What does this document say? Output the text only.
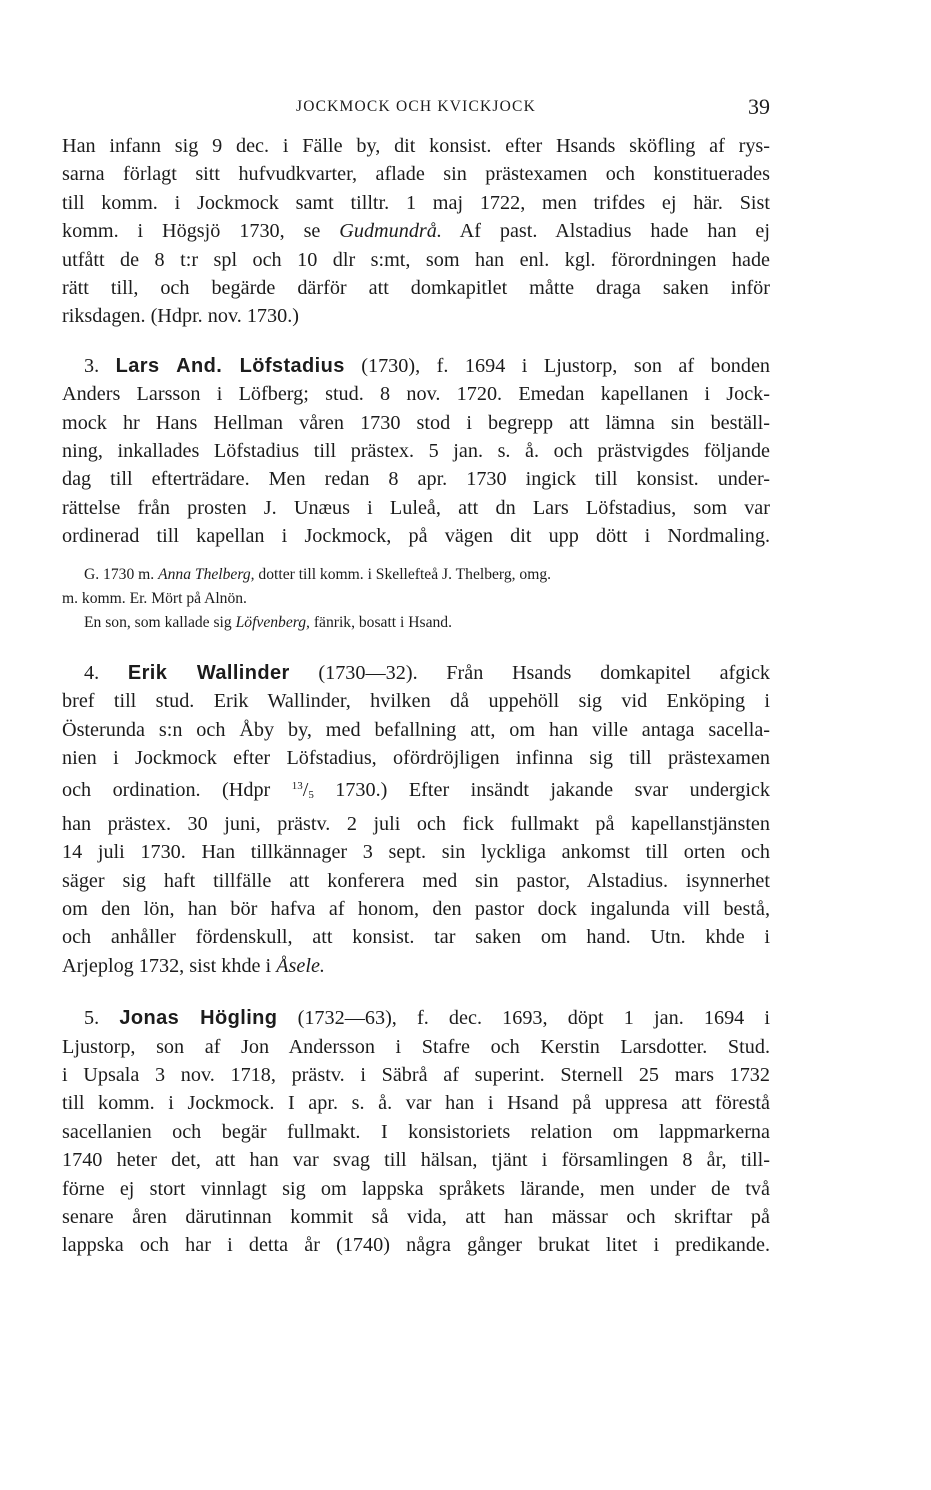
JOCKMOCK OCH KVICKJOCK	39
Han infann sig 9 dec. i Fälle by, dit konsist. efter Hsands sköfling af rys-
sarna förlagt sitt hufvudkvarter, aflade sin prästexamen och konstituerades
till komm. i Jockmock samt tilltr. 1 maj 1722, men trifdes ej här. Sist
komm. i Högsjö 1730, se Gudmundrå. Af past. Alstadius hade han ej
utfått de 8 t:r spl och 10 dlr s:mt, som han enl. kgl. förordningen hade
rätt till, och begärde därför att domkapitlet måtte draga saken inför
riksdagen. (Hdpr. nov. 1730.)
3. Lars And. Löfstadius (1730), f. 1694 i Ljustorp, son af bonden
Anders Larsson i Löfberg; stud. 8 nov. 1720. Emedan kapellanen i Jock-
mock hr Hans Hellman våren 1730 stod i begrepp att lämna sin beställ-
ning, inkallades Löfstadius till prästex. 5 jan. s. å. och prästvigdes följande
dag till efterträdare. Men redan 8 apr. 1730 ingick till konsist. under-
rättelse från prosten J. Unæus i Luleå, att dn Lars Löfstadius, som var
ordinerad till kapellan i Jockmock, på vägen dit upp dött i Nordmaling.
G. 1730 m. Anna Thelberg, dotter till komm. i Skellefteå J. Thelberg, omg.
m. komm. Er. Mört på Alnön.
En son, som kallade sig Löfvenberg, fänrik, bosatt i Hsand.
4. Erik Wallinder (1730—32). Från Hsands domkapitel afgick
bref till stud. Erik Wallinder, hvilken då uppehöll sig vid Enköping i
Österunda s:n och Åby by, med befallning att, om han ville antaga sacella-
nien i Jockmock efter Löfstadius, ofördröjligen infinna sig till prästexamen
och ordination. (Hdpr $^{13}$/5 1730.) Efter insändt jakande svar undergick
han prästex. 30 juni, prästv. 2 juli och fick fullmakt på kapellanstjänsten
14 juli 1730. Han tillkännager 3 sept. sin lyckliga ankomst till orten och
säger sig haft tillfälle att konferera med sin pastor, Alstadius. isynnerhet
om den lön, han bör hafva af honom, den pastor dock ingalunda vill bestå,
och anhåller fördenskull, att konsist. tar saken om hand. Utn. khde i
Arjeplog 1732, sist khde i Åsele.
5. Jonas Högling (1732—63), f. dec. 1693, döpt 1 jan. 1694 i
Ljustorp, son af Jon Andersson i Stafre och Kerstin Larsdotter. Stud.
i Upsala 3 nov. 1718, prästv. i Säbrå af superint. Sternell 25 mars 1732
till komm. i Jockmock. I apr. s. å. var han i Hsand på uppresa att förestå
sacellanien och begär fullmakt. I konsistoriets relation om lappmarkerna
1740 heter det, att han var svag till hälsan, tjänt i församlingen 8 år, till-
förne ej stort vinnlagt sig om lappska språkets lärande, men under de två
senare åren därutinnan kommit så vida, att han mässar och skriftar på
lappska och har i detta år (1740) några gånger brukat litet i predikande.
